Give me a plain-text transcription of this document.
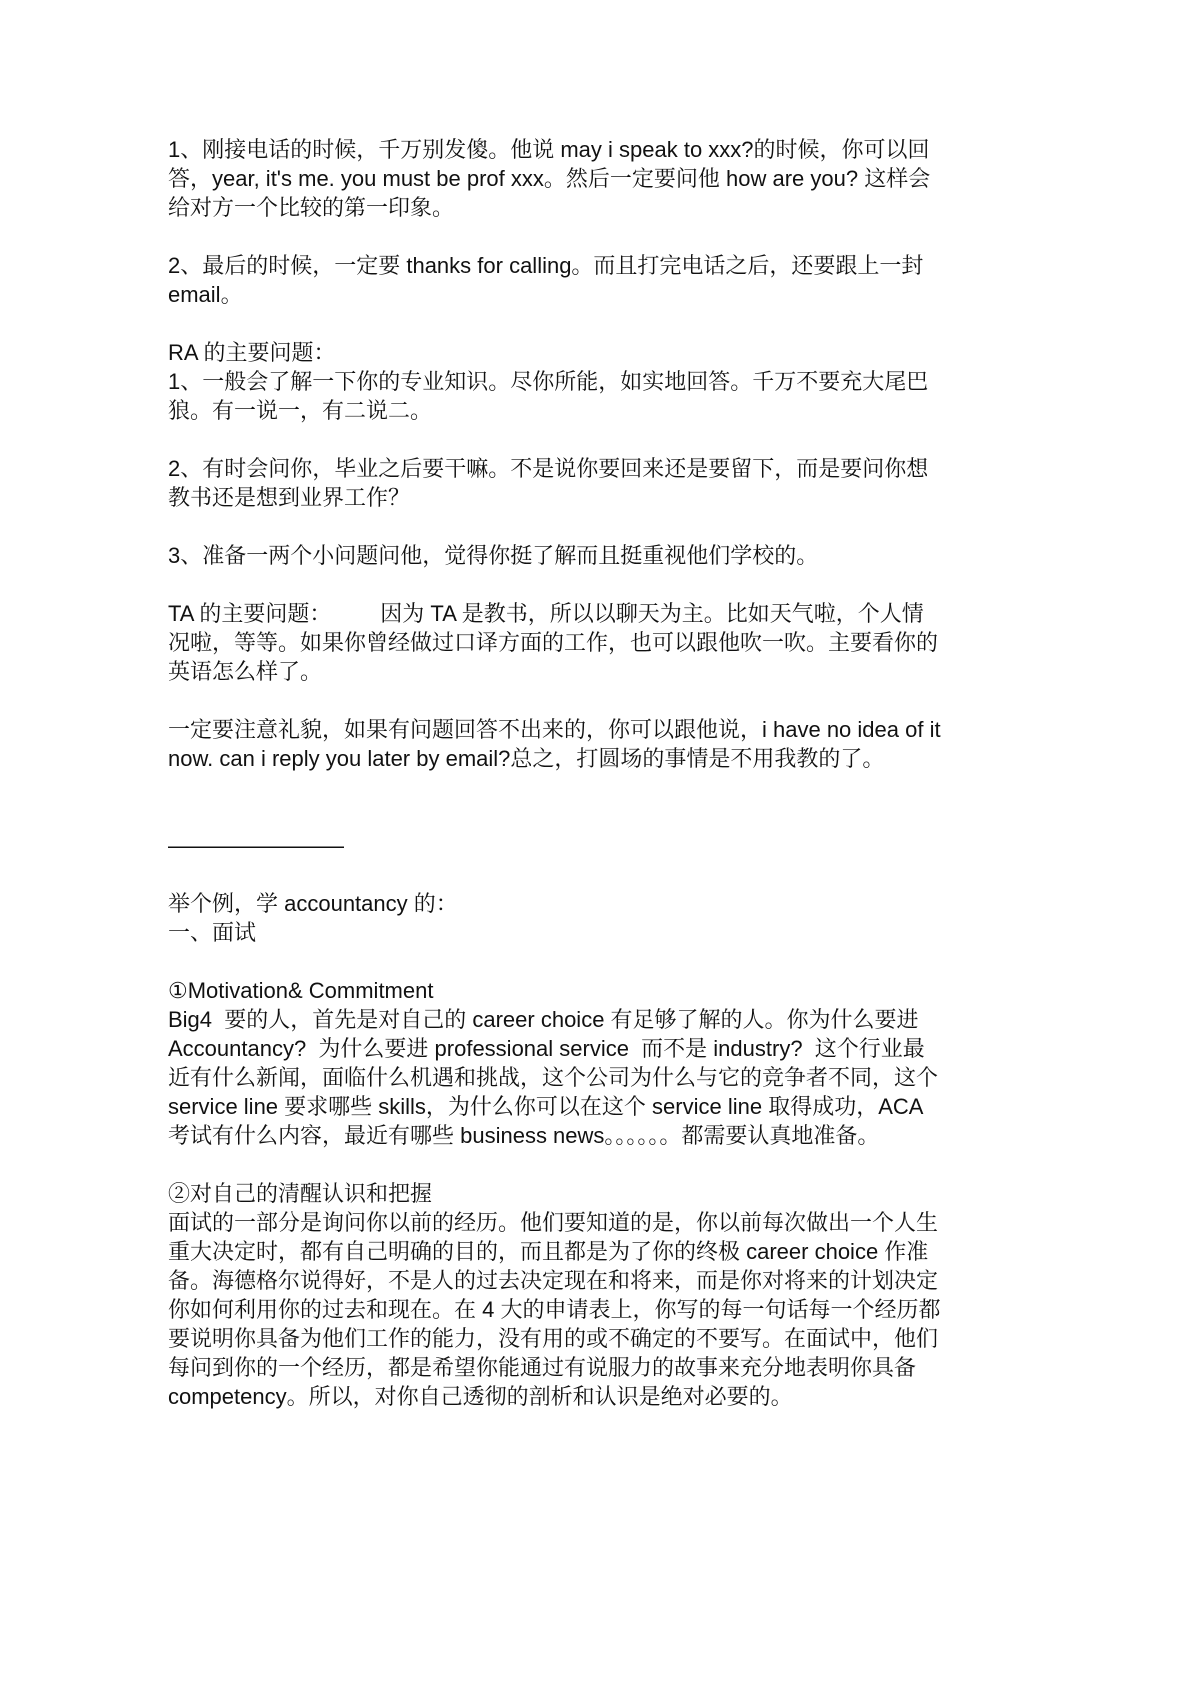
1、刚接电话的时候，千万别发傻。他说 may i speak to xxx?的时候，你可以回
答，year, it's me. you must be prof xxx。然后一定要问他 how are you? 这样会
给对方一个比较的第一印象。
2、最后的时候，一定要 thanks for calling。而且打完电话之后，还要跟上一封
email。
RA 的主要问题：
1、一般会了解一下你的专业知识。尽你所能，如实地回答。千万不要充大尾巴
狼。有一说一，有二说二。
2、有时会问你，毕业之后要干嘛。不是说你要回来还是要留下，而是要问你想
教书还是想到业界工作？
3、准备一两个小问题问他，觉得你挺了解而且挺重视他们学校的。
TA 的主要问题：        因为 TA 是教书，所以以聊天为主。比如天气啦，个人情
况啦，等等。如果你曾经做过口译方面的工作，也可以跟他吹一吹。主要看你的
英语怎么样了。
一定要注意礼貌，如果有问题回答不出来的，你可以跟他说，i have no idea of it
now. can i reply you later by email?总之，打圆场的事情是不用我教的了。
————————
举个例，学 accountancy 的：
一、面试
①Motivation& Commitment
Big4  要的人，首先是对自己的 career choice 有足够了解的人。你为什么要进
Accountancy?  为什么要进 professional service  而不是 industry?  这个行业最
近有什么新闻，面临什么机遇和挑战，这个公司为什么与它的竞争者不同，这个
service line 要求哪些 skills，为什么你可以在这个 service line 取得成功，ACA
考试有什么内容，最近有哪些 business news。。。。。。都需要认真地准备。
②对自己的清醒认识和把握
面试的一部分是询问你以前的经历。他们要知道的是，你以前每次做出一个人生
重大决定时，都有自己明确的目的，而且都是为了你的终极 career choice 作准
备。海德格尔说得好，不是人的过去决定现在和将来，而是你对将来的计划决定
你如何利用你的过去和现在。在 4 大的申请表上，你写的每一句话每一个经历都
要说明你具备为他们工作的能力，没有用的或不确定的不要写。在面试中，他们
每问到你的一个经历，都是希望你能通过有说服力的故事来充分地表明你具备
competency。所以，对你自己透彻的剖析和认识是绝对必要的。
